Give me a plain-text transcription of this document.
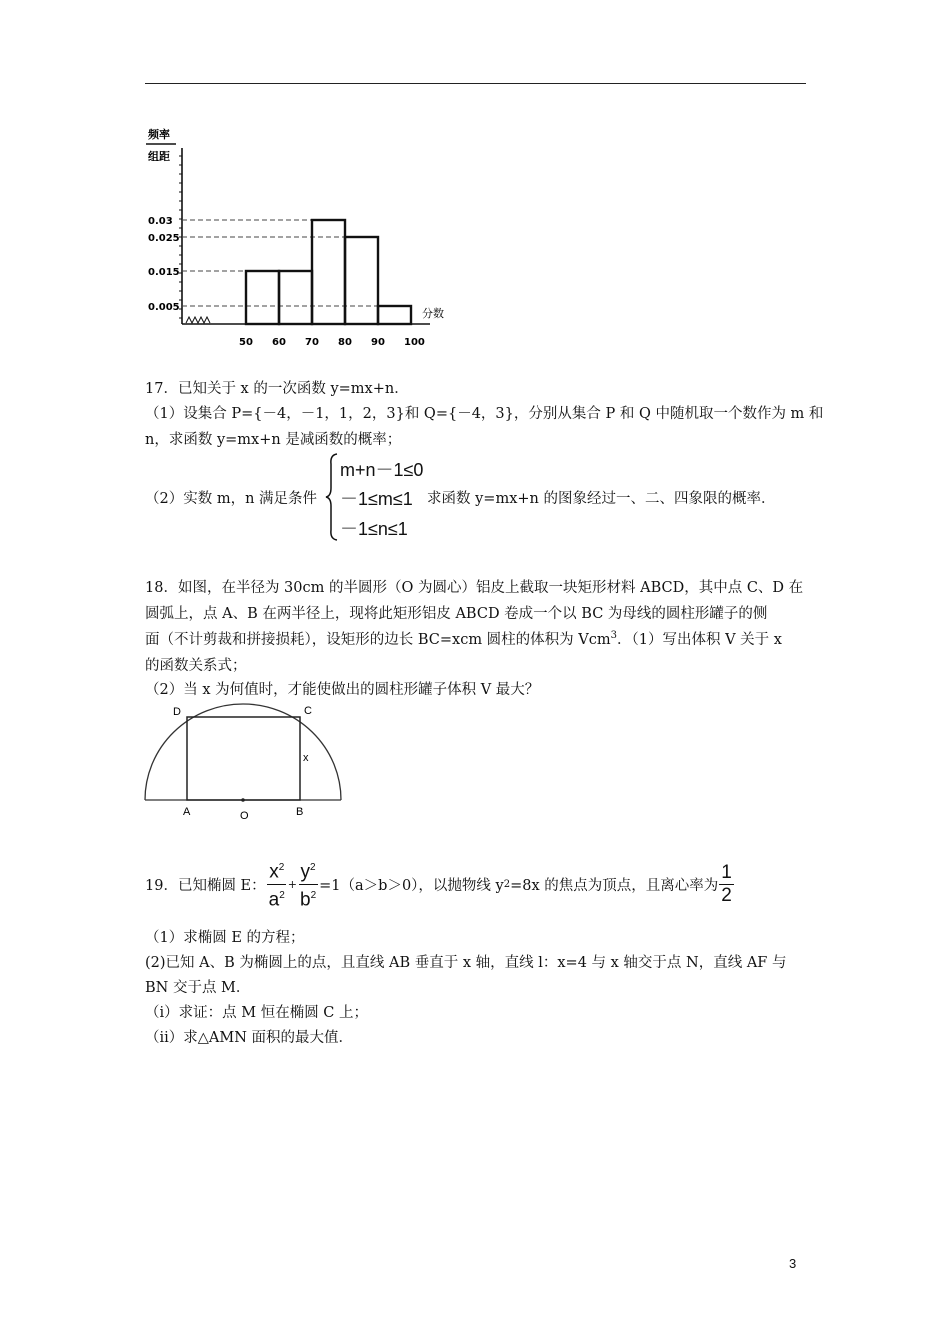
频率
组距
0.03
0.025
0.015
0.005
50 60 70 80 90 100
分数
17．已知关于 x 的一次函数 y=mx+n．
（1）设集合 P={－4，－1，1，2，3}和 Q={－4，3}，分别从集合 P 和 Q 中随机取一个数作为 m 和
n，求函数 y=mx+n 是减函数的概率；
（2）实数 m，n 满足条件
m+n－1≤0
－1≤m≤1 求函数 y=mx+n 的图象经过一、二、四象限的概率．
－1≤n≤1
18．如图，在半径为 30cm 的半圆形（O 为圆心）铝皮上截取一块矩形材料 ABCD，其中点 C、D 在
圆弧上，点 A、B 在两半径上，现将此矩形铝皮 ABCD 卷成一个以 BC 为母线的圆柱形罐子的侧
面（不计剪裁和拼接损耗），设矩形的边长 BC=xcm 圆柱的体积为 Vcm$^3$．（1）写出体积 V 关于 x
的函数关系式；
（2）当 x 为何值时，才能使做出的圆柱形罐子体积 V 最大？
D	C
x
A	O	B
19．已知椭圆 E： $\frac{x^2}{a^2} + \frac{y^2}{b^2} =1(a>b>0)$，以抛物线 y 2 =8x 的焦点为顶点，且离心率为 $\frac{1}{2}$
（1）求椭圆 E 的方程；
(2)已知 A、B 为椭圆上的点，且直线 AB 垂直于 x 轴，直线 l：x=4 与 x 轴交于点 N，直线 AF 与
BN 交于点 M．
（ⅰ）求证：点 M 恒在椭圆 C 上；
（ⅱ）求△AMN 面积的最大值．
3
